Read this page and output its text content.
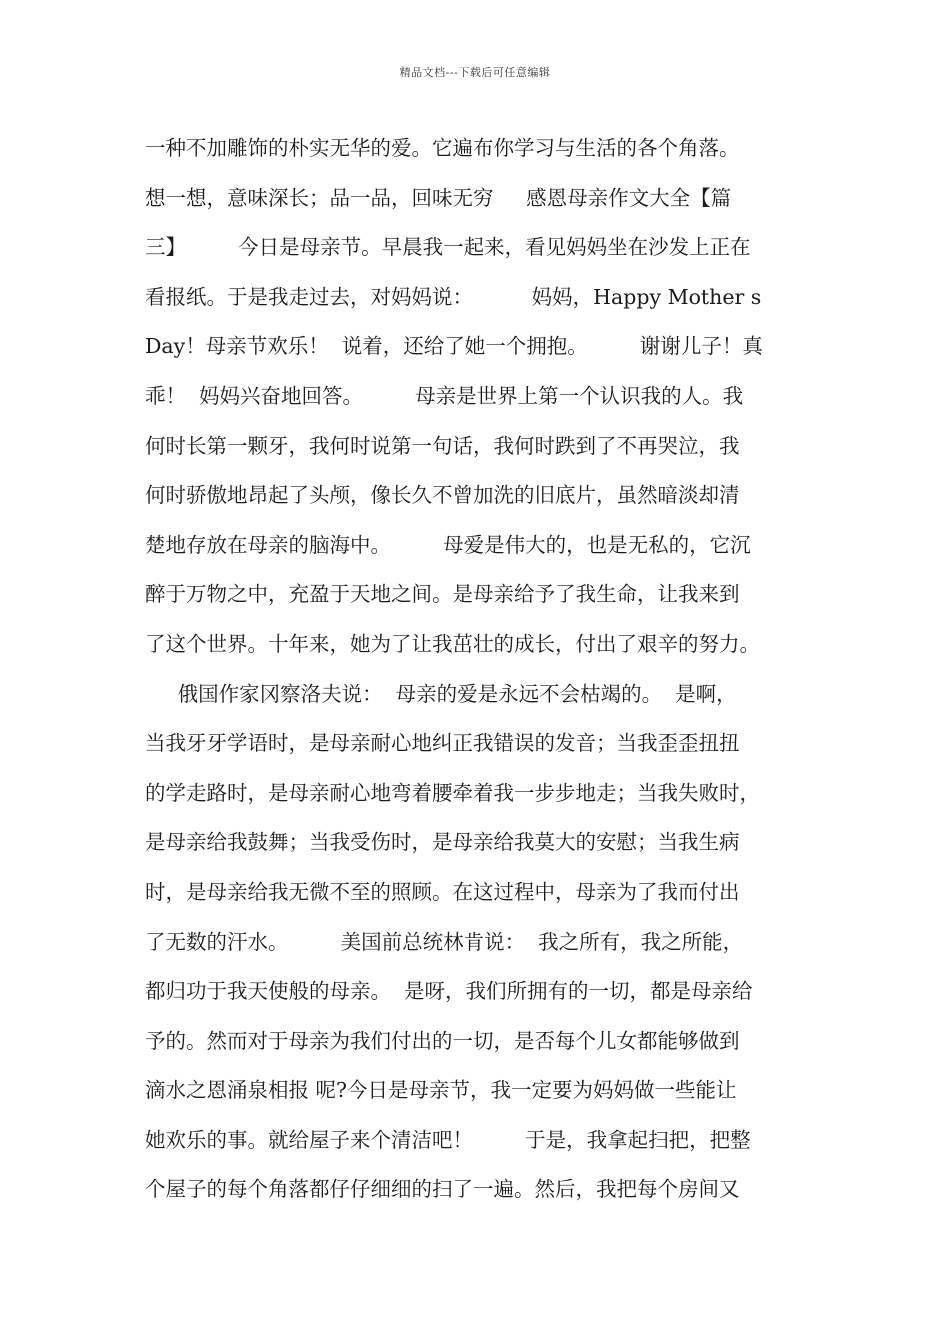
精品文档---下载后可任意编辑
一种不加雕饰的朴实无华的爱。它遍布你学习与生活的各个角落。
想一想，意味深长；品一品，回味无穷     感恩母亲作文大全【篇
三】        今日是母亲节。早晨我一起来，看见妈妈坐在沙发上正在
看报纸。于是我走过去，对妈妈说：         妈妈，Happy Mother s
Day！母亲节欢乐！  说着，还给了她一个拥抱。        谢谢儿子！真
乖！  妈妈兴奋地回答。        母亲是世界上第一个认识我的人。我
何时长第一颗牙，我何时说第一句话，我何时跌到了不再哭泣，我
何时骄傲地昂起了头颅，像长久不曾加洗的旧底片，虽然暗淡却清
楚地存放在母亲的脑海中。        母爱是伟大的，也是无私的，它沉
醉于万物之中，充盈于天地之间。是母亲给予了我生命，让我来到
了这个世界。十年来，她为了让我茁壮的成长，付出了艰辛的努力。
俄国作家冈察洛夫说：  母亲的爱是永远不会枯竭的。  是啊，
当我牙牙学语时，是母亲耐心地纠正我错误的发音；当我歪歪扭扭
的学走路时，是母亲耐心地弯着腰牵着我一步步地走；当我失败时，
是母亲给我鼓舞；当我受伤时，是母亲给我莫大的安慰；当我生病
时，是母亲给我无微不至的照顾。在这过程中，母亲为了我而付出
了无数的汗水。        美国前总统林肯说：  我之所有，我之所能，
都归功于我天使般的母亲。  是呀，我们所拥有的一切，都是母亲给
予的。然而对于母亲为我们付出的一切，是否每个儿女都能够做到
滴水之恩涌泉相报 呢?今日是母亲节，我一定要为妈妈做一些能让
她欢乐的事。就给屋子来个清洁吧！        于是，我拿起扫把，把整
个屋子的每个角落都仔仔细细的扫了一遍。然后，我把每个房间又
